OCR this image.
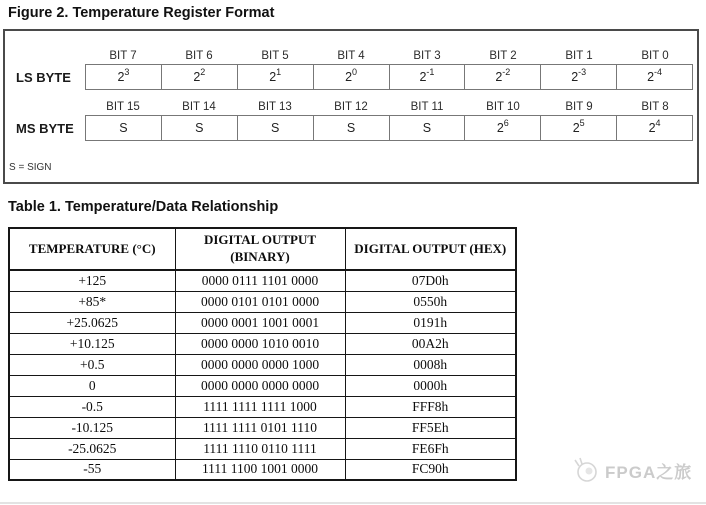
Figure 2. Temperature Register Format
BIT 7	BIT 6	BIT 5	BIT 4	BIT 3	BIT 2	BIT 1	BIT 0
LS BYTE	$2^3$	$2^2$	$2^1$	$2^0$	$2^{-1}$	$2^{-2}$	$2^{-3}$	$2^{-4}$
BIT 15	BIT 14	BIT 13	BIT 12	BIT 11	BIT 10	BIT 9	BIT 8
MS BYTE	S	S	S	S	S	$2^6$	$2^5$	$2^4$
S = SIGN
Table 1. Temperature/Data Relationship
TEMPERATURE (°C)	DIGITAL OUTPUT (BINARY)	DIGITAL OUTPUT (HEX)
+125	0000 0111 1101 0000	07D0h
+85*	0000 0101 0101 0000	0550h
+25.0625	0000 0001 1001 0001	0191h
+10.125	0000 0000 1010 0010	00A2h
+0.5	0000 0000 0000 1000	0008h
0	0000 0000 0000 0000	0000h
-0.5	1111 1111 1111 1000	FFF8h
-10.125	1111 1111 0101 1110	FF5Eh
-25.0625	1111 1110 0110 1111	FE6Fh
-55	1111 1100 1001 0000	FC90h	FPGA之旅
